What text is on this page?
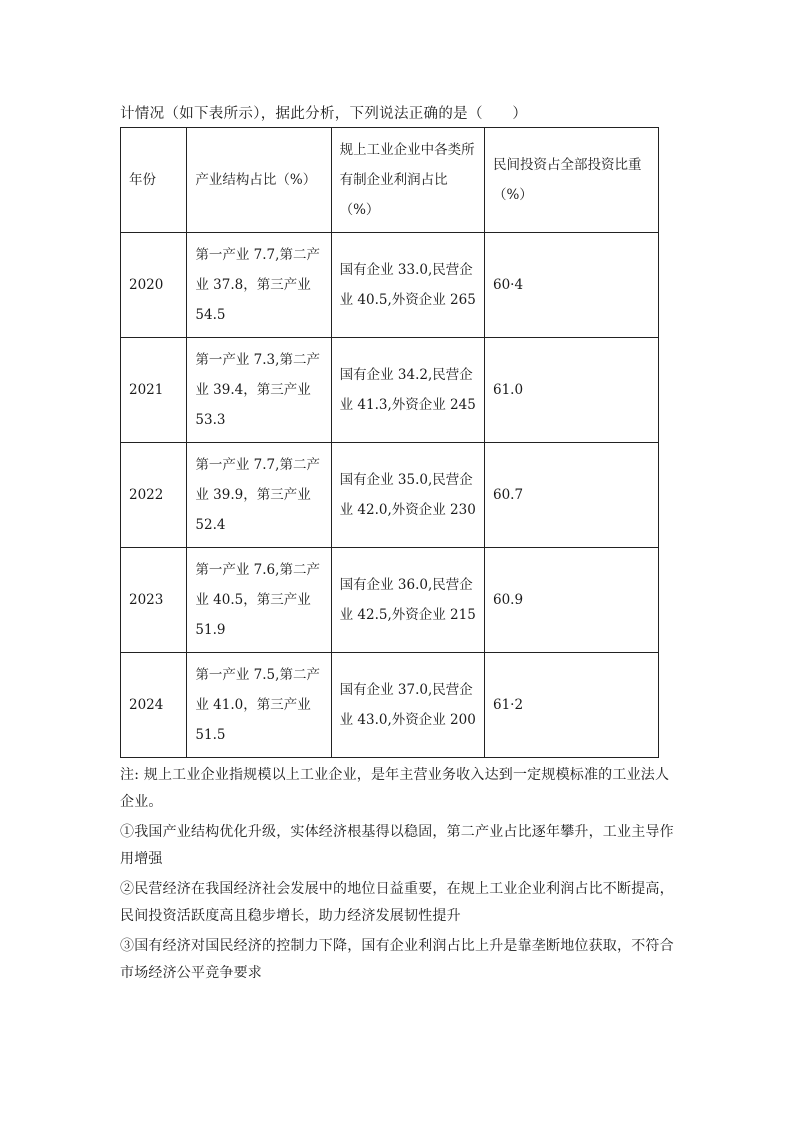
计情况（如下表所示），据此分析，下列说法正确的是（　　）
年份	产业结构占比（%）	规上工业企业中各类所有制企业利润占比（%）	民间投资占全部投资比重（%）
2020	第一产业 7.7,第二产业 37.8，第三产业 54.5	国有企业 33.0,民营企业 40.5,外资企业 265	60·4
2021	第一产业 7.3,第二产业 39.4，第三产业 53.3	国有企业 34.2,民营企业 41.3,外资企业 245	61.0
2022	第一产业 7.7,第二产业 39.9，第三产业 52.4	国有企业 35.0,民营企业 42.0,外资企业 230	60.7
2023	第一产业 7.6,第二产业 40.5，第三产业 51.9	国有企业 36.0,民营企业 42.5,外资企业 215	60.9
2024	第一产业 7.5,第二产业 41.0，第三产业 51.5	国有企业 37.0,民营企业 43.0,外资企业 200	61·2

注: 规上工业企业指规模以上工业企业，是年主营业务收入达到一定规模标准的工业法人企业。

①我国产业结构优化升级，实体经济根基得以稳固，第二产业占比逐年攀升，工业主导作用增强

②民营经济在我国经济社会发展中的地位日益重要，在规上工业企业利润占比不断提高，民间投资活跃度高且稳步增长，助力经济发展韧性提升

③国有经济对国民经济的控制力下降，国有企业利润占比上升是靠垄断地位获取，不符合市场经济公平竞争要求
